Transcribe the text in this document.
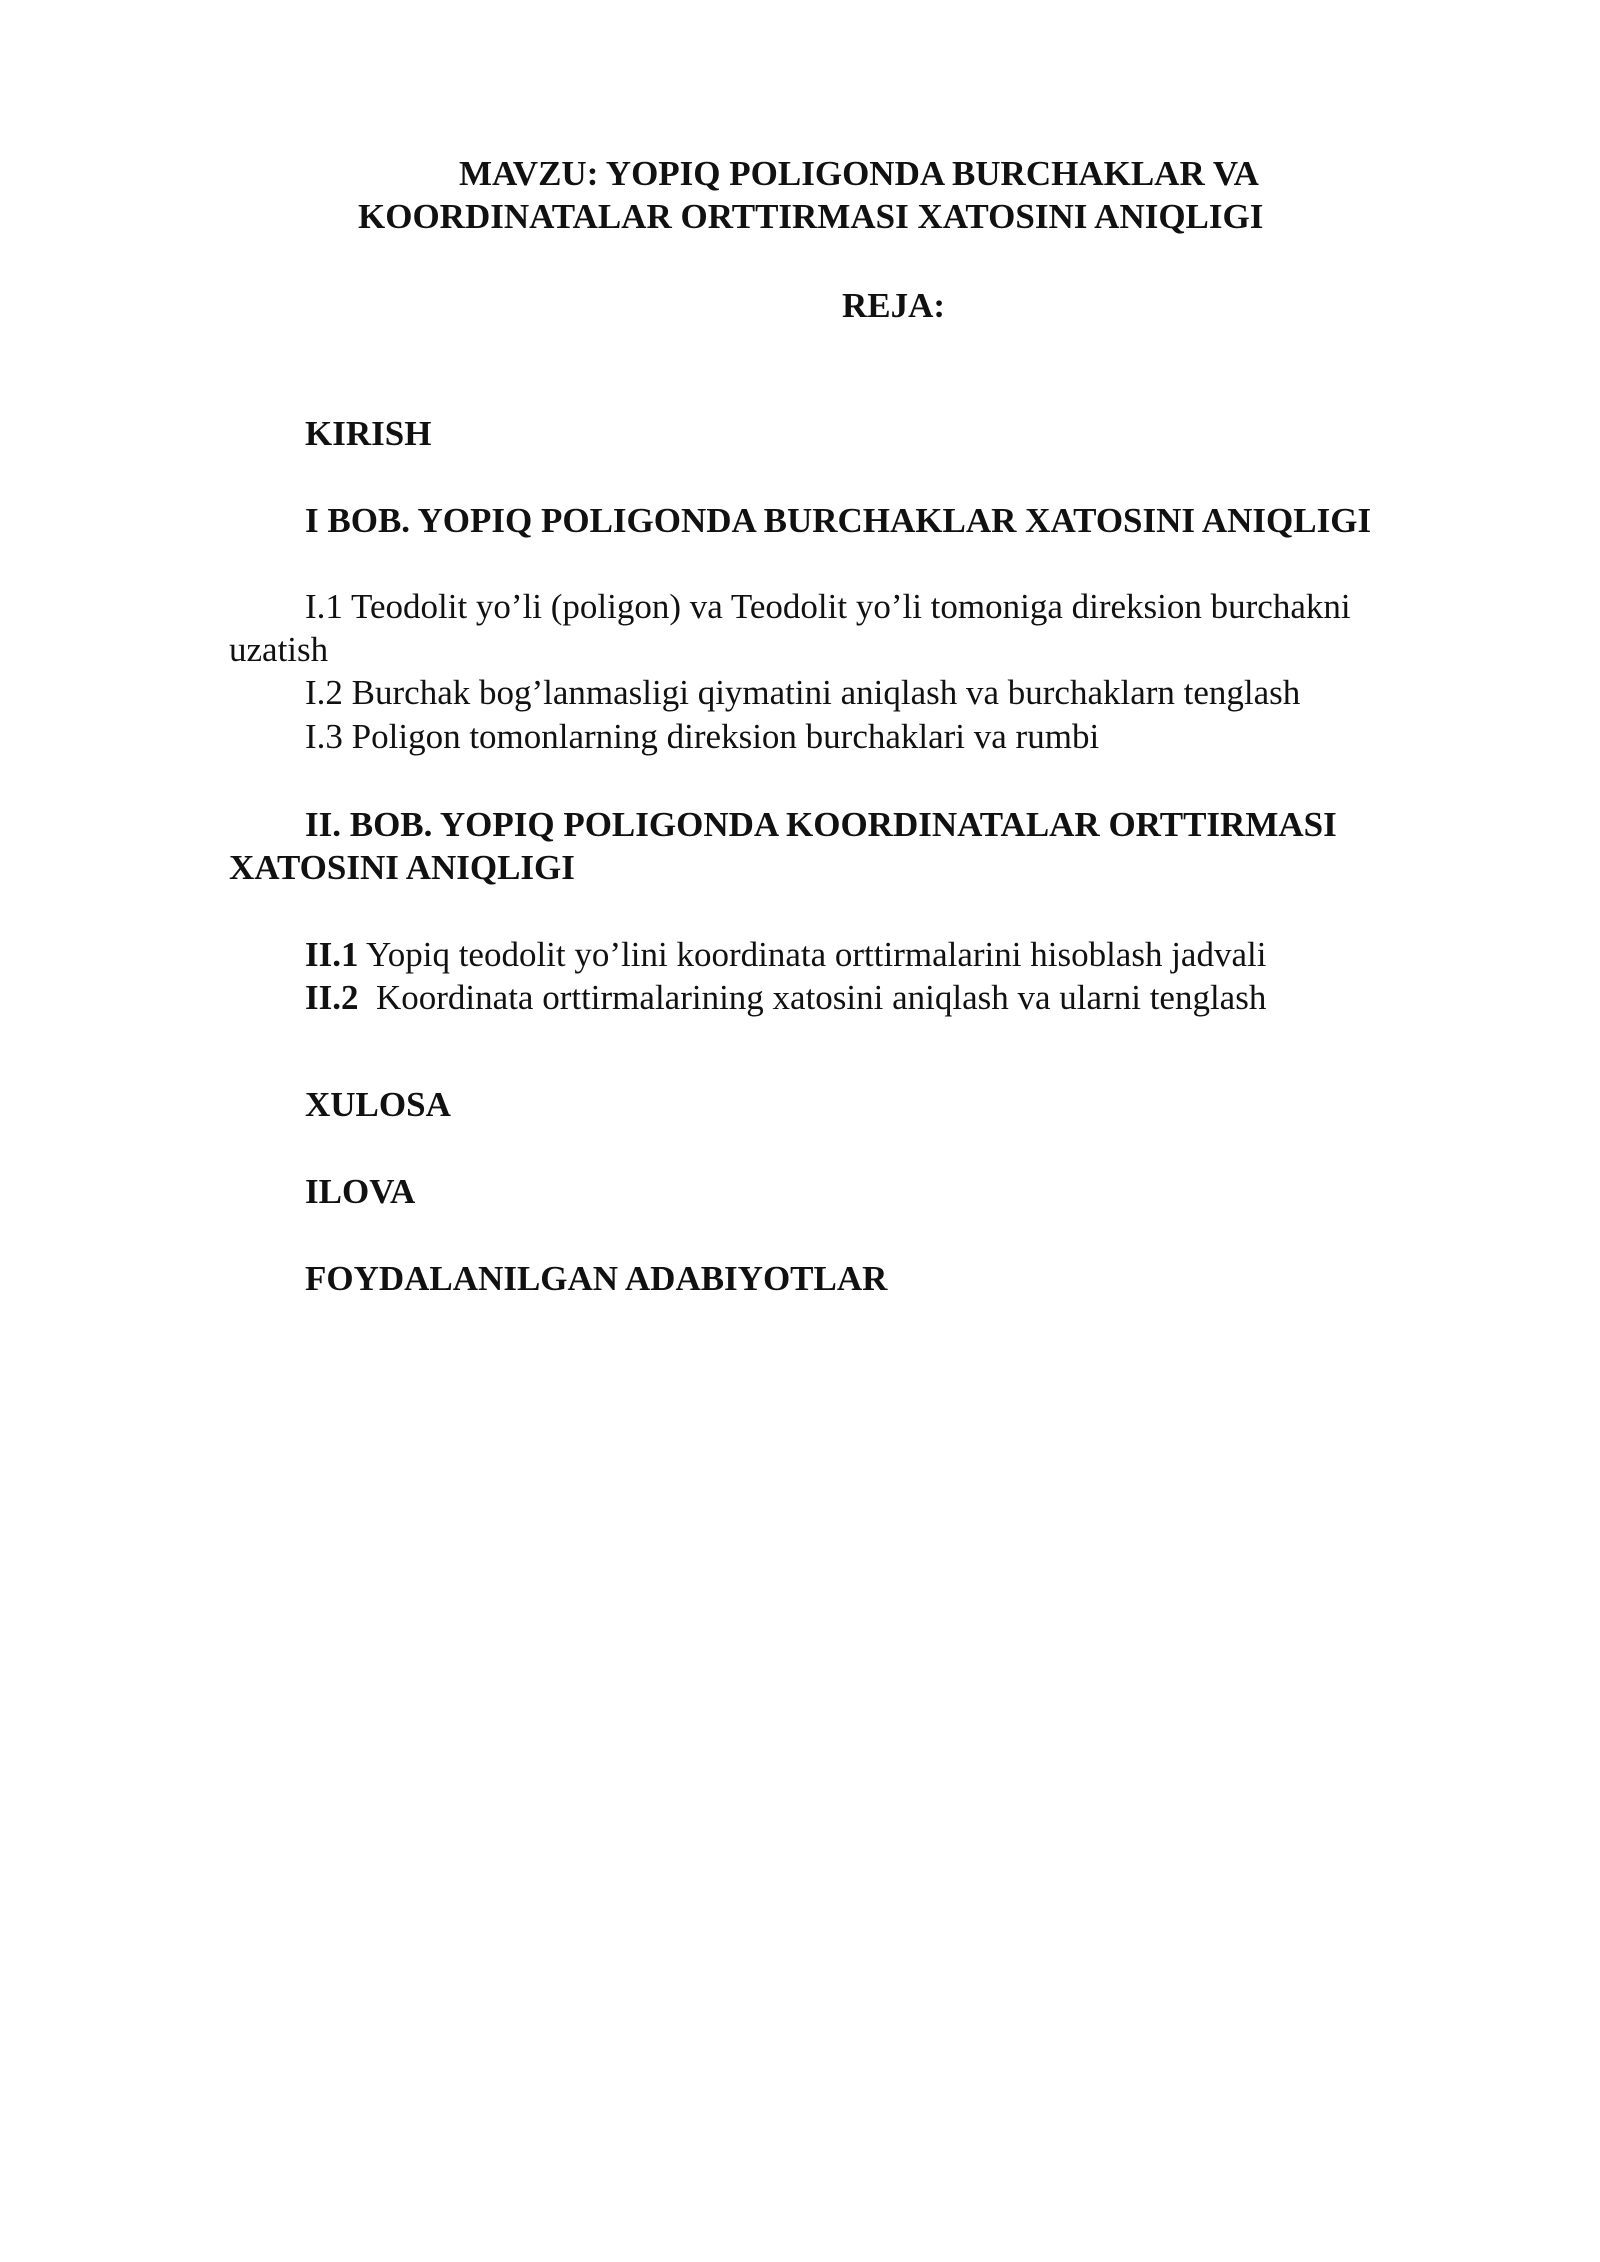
MAVZU: YOPIQ POLIGONDA BURCHAKLAR VA
KOORDINATALAR ORTTIRMASI XATOSINI ANIQLIGI
REJA:
KIRISH
I BOB. YOPIQ POLIGONDA BURCHAKLAR XATOSINI ANIQLIGI
I.1 Teodolit yo’li (poligon) va Teodolit yo’li tomoniga direksion burchakni
uzatish
I.2 Burchak bog’lanmasligi qiymatini aniqlash va burchaklarn tenglash
I.3 Poligon tomonlarning direksion burchaklari va rumbi
II. BOB. YOPIQ POLIGONDA KOORDINATALAR ORTTIRMASI
XATOSINI ANIQLIGI
II.1 Yopiq teodolit yo’lini koordinata orttirmalarini hisoblash jadvali
II.2  Koordinata orttirmalarining xatosini aniqlash va ularni tenglash
XULOSA
ILOVA
FOYDALANILGAN ADABIYOTLAR
